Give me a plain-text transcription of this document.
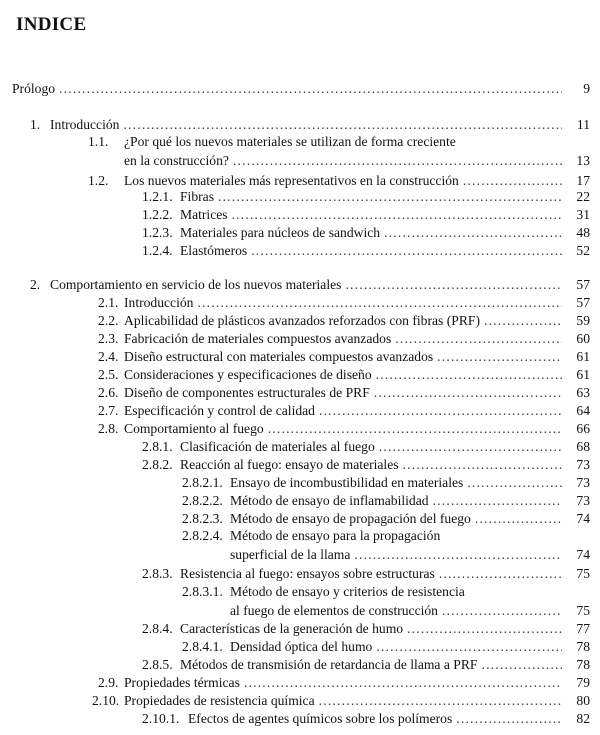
INDICE
Prólogo .....	9
1. Introducción .....	11
1.1. ¿Por qué los nuevos materiales se utilizan de forma creciente
en la construcción? .....	13
1.2. Los nuevos materiales más representativos en la construcción .....	17
1.2.1. Fibras .....	22
1.2.2. Matrices .....	31
1.2.3. Materiales para núcleos de sandwich .....	48
1.2.4. Elastómeros .....	52
2. Comportamiento en servicio de los nuevos materiales .....	57
2.1. Introducción .....	57
2.2. Aplicabilidad de plásticos avanzados reforzados con fibras (PRF) .....	59
2.3. Fabricación de materiales compuestos avanzados .....	60
2.4. Diseño estructural con materiales compuestos avanzados .....	61
2.5. Consideraciones y especificaciones de diseño .....	61
2.6. Diseño de componentes estructurales de PRF .....	63
2.7. Especificación y control de calidad .....	64
2.8. Comportamiento al fuego .....	66
2.8.1. Clasificación de materiales al fuego .....	68
2.8.2. Reacción al fuego: ensayo de materiales .....	73
2.8.2.1. Ensayo de incombustibilidad en materiales .....	73
2.8.2.2. Método de ensayo de inflamabilidad .....	73
2.8.2.3. Método de ensayo de propagación del fuego .....	74
2.8.2.4. Método de ensayo para la propagación
superficial de la llama .....	74
2.8.3. Resistencia al fuego: ensayos sobre estructuras .....	75
2.8.3.1. Método de ensayo y criterios de resistencia
al fuego de elementos de construcción .....	75
2.8.4. Características de la generación de humo .....	77
2.8.4.1. Densidad óptica del humo .....	78
2.8.5. Métodos de transmisión de retardancia de llama a PRF .....	78
2.9. Propiedades térmicas .....	79
2.10. Propiedades de resistencia química .....	80
2.10.1. Efectos de agentes químicos sobre los polímeros .....	82
